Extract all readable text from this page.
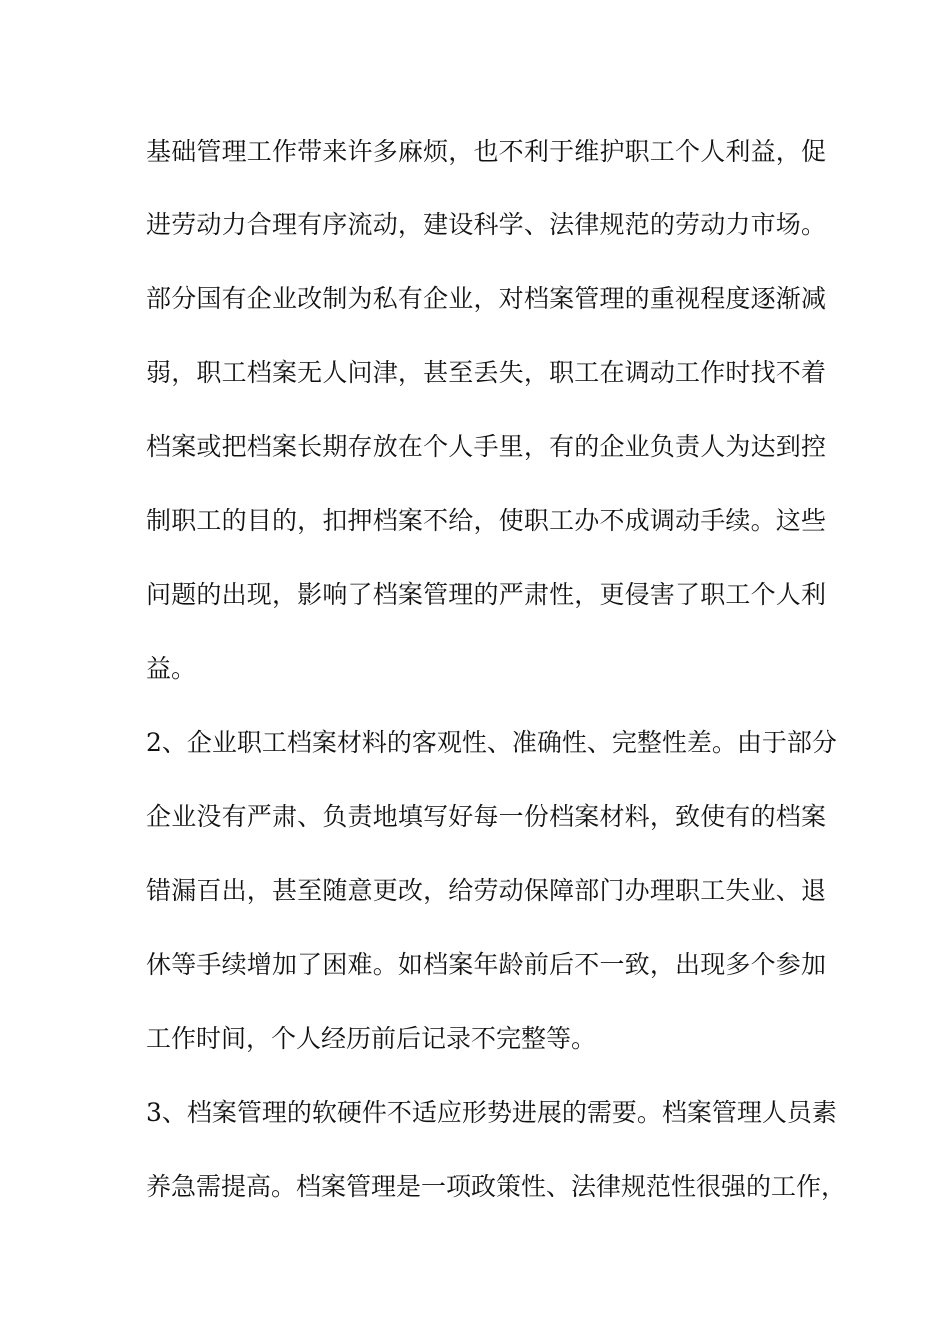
基础管理工作带来许多麻烦，也不利于维护职工个人利益，促
进劳动力合理有序流动，建设科学、法律规范的劳动力市场。
部分国有企业改制为私有企业，对档案管理的重视程度逐渐减
弱，职工档案无人问津，甚至丢失，职工在调动工作时找不着
档案或把档案长期存放在个人手里，有的企业负责人为达到控
制职工的目的，扣押档案不给，使职工办不成调动手续。这些
问题的出现，影响了档案管理的严肃性，更侵害了职工个人利
益。
2、企业职工档案材料的客观性、准确性、完整性差。由于部分
企业没有严肃、负责地填写好每一份档案材料，致使有的档案
错漏百出，甚至随意更改，给劳动保障部门办理职工失业、退
休等手续增加了困难。如档案年龄前后不一致，出现多个参加
工作时间，个人经历前后记录不完整等。
3、档案管理的软硬件不适应形势进展的需要。档案管理人员素
养急需提高。档案管理是一项政策性、法律规范性很强的工作，
